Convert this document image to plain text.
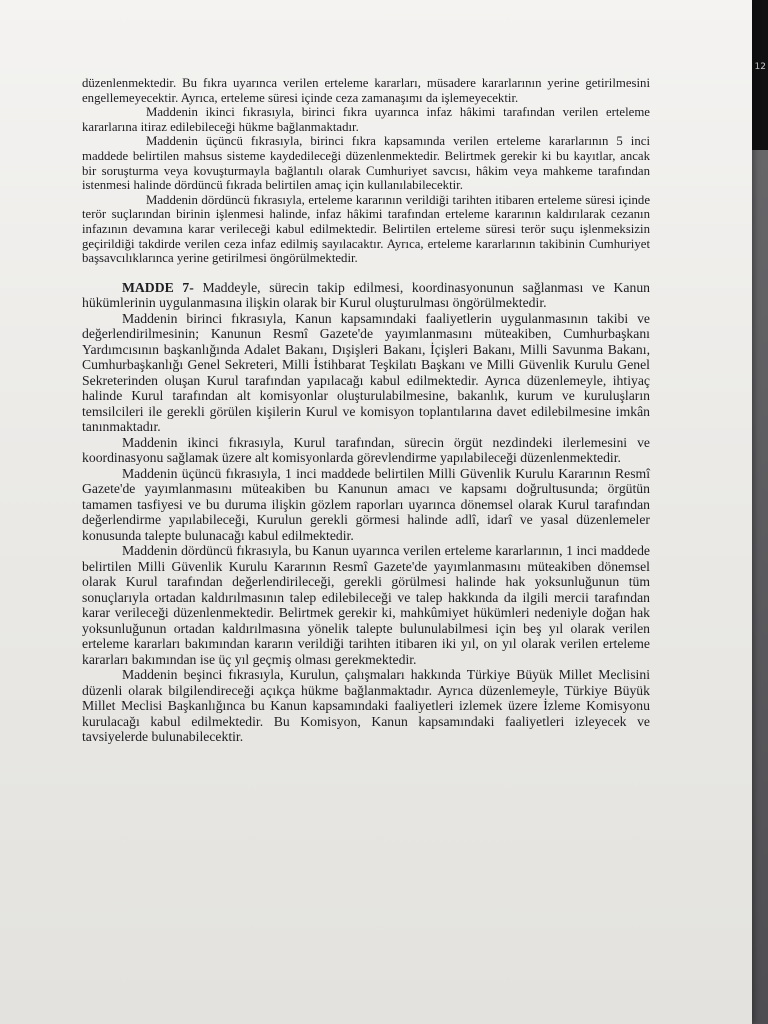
12

düzenlenmektedir. Bu fıkra uyarınca verilen erteleme kararları, müsadere kararlarının yerine getirilmesini engellemeyecektir. Ayrıca, erteleme süresi içinde ceza zamanaşımı da işlemeyecektir.

Maddenin ikinci fıkrasıyla, birinci fıkra uyarınca infaz hâkimi tarafından verilen erteleme kararlarına itiraz edilebileceği hükme bağlanmaktadır.

Maddenin üçüncü fıkrasıyla, birinci fıkra kapsamında verilen erteleme kararlarının 5 inci maddede belirtilen mahsus sisteme kaydedileceği düzenlenmektedir. Belirtmek gerekir ki bu kayıtlar, ancak bir soruşturma veya kovuşturmayla bağlantılı olarak Cumhuriyet savcısı, hâkim veya mahkeme tarafından istenmesi halinde dördüncü fıkrada belirtilen amaç için kullanılabilecektir.

Maddenin dördüncü fıkrasıyla, erteleme kararının verildiği tarihten itibaren erteleme süresi içinde terör suçlarından birinin işlenmesi halinde, infaz hâkimi tarafından erteleme kararının kaldırılarak cezanın infazının devamına karar verileceği kabul edilmektedir. Belirtilen erteleme süresi terör suçu işlenmeksizin geçirildiği takdirde verilen ceza infaz edilmiş sayılacaktır. Ayrıca, erteleme kararlarının takibinin Cumhuriyet başsavcılıklarınca yerine getirilmesi öngörülmektedir.

MADDE 7- Maddeyle, sürecin takip edilmesi, koordinasyonunun sağlanması ve Kanun hükümlerinin uygulanmasına ilişkin olarak bir Kurul oluşturulması öngörülmektedir.

Maddenin birinci fıkrasıyla, Kanun kapsamındaki faaliyetlerin uygulanmasının takibi ve değerlendirilmesinin; Kanunun Resmî Gazete'de yayımlanmasını müteakiben, Cumhurbaşkanı Yardımcısının başkanlığında Adalet Bakanı, Dışişleri Bakanı, İçişleri Bakanı, Milli Savunma Bakanı, Cumhurbaşkanlığı Genel Sekreteri, Milli İstihbarat Teşkilatı Başkanı ve Milli Güvenlik Kurulu Genel Sekreterinden oluşan Kurul tarafından yapılacağı kabul edilmektedir. Ayrıca düzenlemeyle, ihtiyaç halinde Kurul tarafından alt komisyonlar oluşturulabilmesine, bakanlık, kurum ve kuruluşların temsilcileri ile gerekli görülen kişilerin Kurul ve komisyon toplantılarına davet edilebilmesine imkân tanınmaktadır.

Maddenin ikinci fıkrasıyla, Kurul tarafından, sürecin örgüt nezdindeki ilerlemesini ve koordinasyonu sağlamak üzere alt komisyonlarda görevlendirme yapılabileceği düzenlenmektedir.

Maddenin üçüncü fıkrasıyla, 1 inci maddede belirtilen Milli Güvenlik Kurulu Kararının Resmî Gazete'de yayımlanmasını müteakiben bu Kanunun amacı ve kapsamı doğrultusunda; örgütün tamamen tasfiyesi ve bu duruma ilişkin gözlem raporları uyarınca dönemsel olarak Kurul tarafından değerlendirme yapılabileceği, Kurulun gerekli görmesi halinde adlî, idarî ve yasal düzenlemeler konusunda talepte bulunacağı kabul edilmektedir.

Maddenin dördüncü fıkrasıyla, bu Kanun uyarınca verilen erteleme kararlarının, 1 inci maddede belirtilen Milli Güvenlik Kurulu Kararının Resmî Gazete'de yayımlanmasını müteakiben dönemsel olarak Kurul tarafından değerlendirileceği, gerekli görülmesi halinde hak yoksunluğunun tüm sonuçlarıyla ortadan kaldırılmasının talep edilebileceği ve talep hakkında da ilgili mercii tarafından karar verileceği düzenlenmektedir. Belirtmek gerekir ki, mahkûmiyet hükümleri nedeniyle doğan hak yoksunluğunun ortadan kaldırılmasına yönelik talepte bulunulabilmesi için beş yıl olarak verilen erteleme kararları bakımından kararın verildiği tarihten itibaren iki yıl, on yıl olarak verilen erteleme kararları bakımından ise üç yıl geçmiş olması gerekmektedir.

Maddenin beşinci fıkrasıyla, Kurulun, çalışmaları hakkında Türkiye Büyük Millet Meclisini düzenli olarak bilgilendireceği açıkça hükme bağlanmaktadır. Ayrıca düzenlemeyle, Türkiye Büyük Millet Meclisi Başkanlığınca bu Kanun kapsamındaki faaliyetleri izlemek üzere İzleme Komisyonu kurulacağı kabul edilmektedir. Bu Komisyon, Kanun kapsamındaki faaliyetleri izleyecek ve tavsiyelerde bulunabilecektir.
